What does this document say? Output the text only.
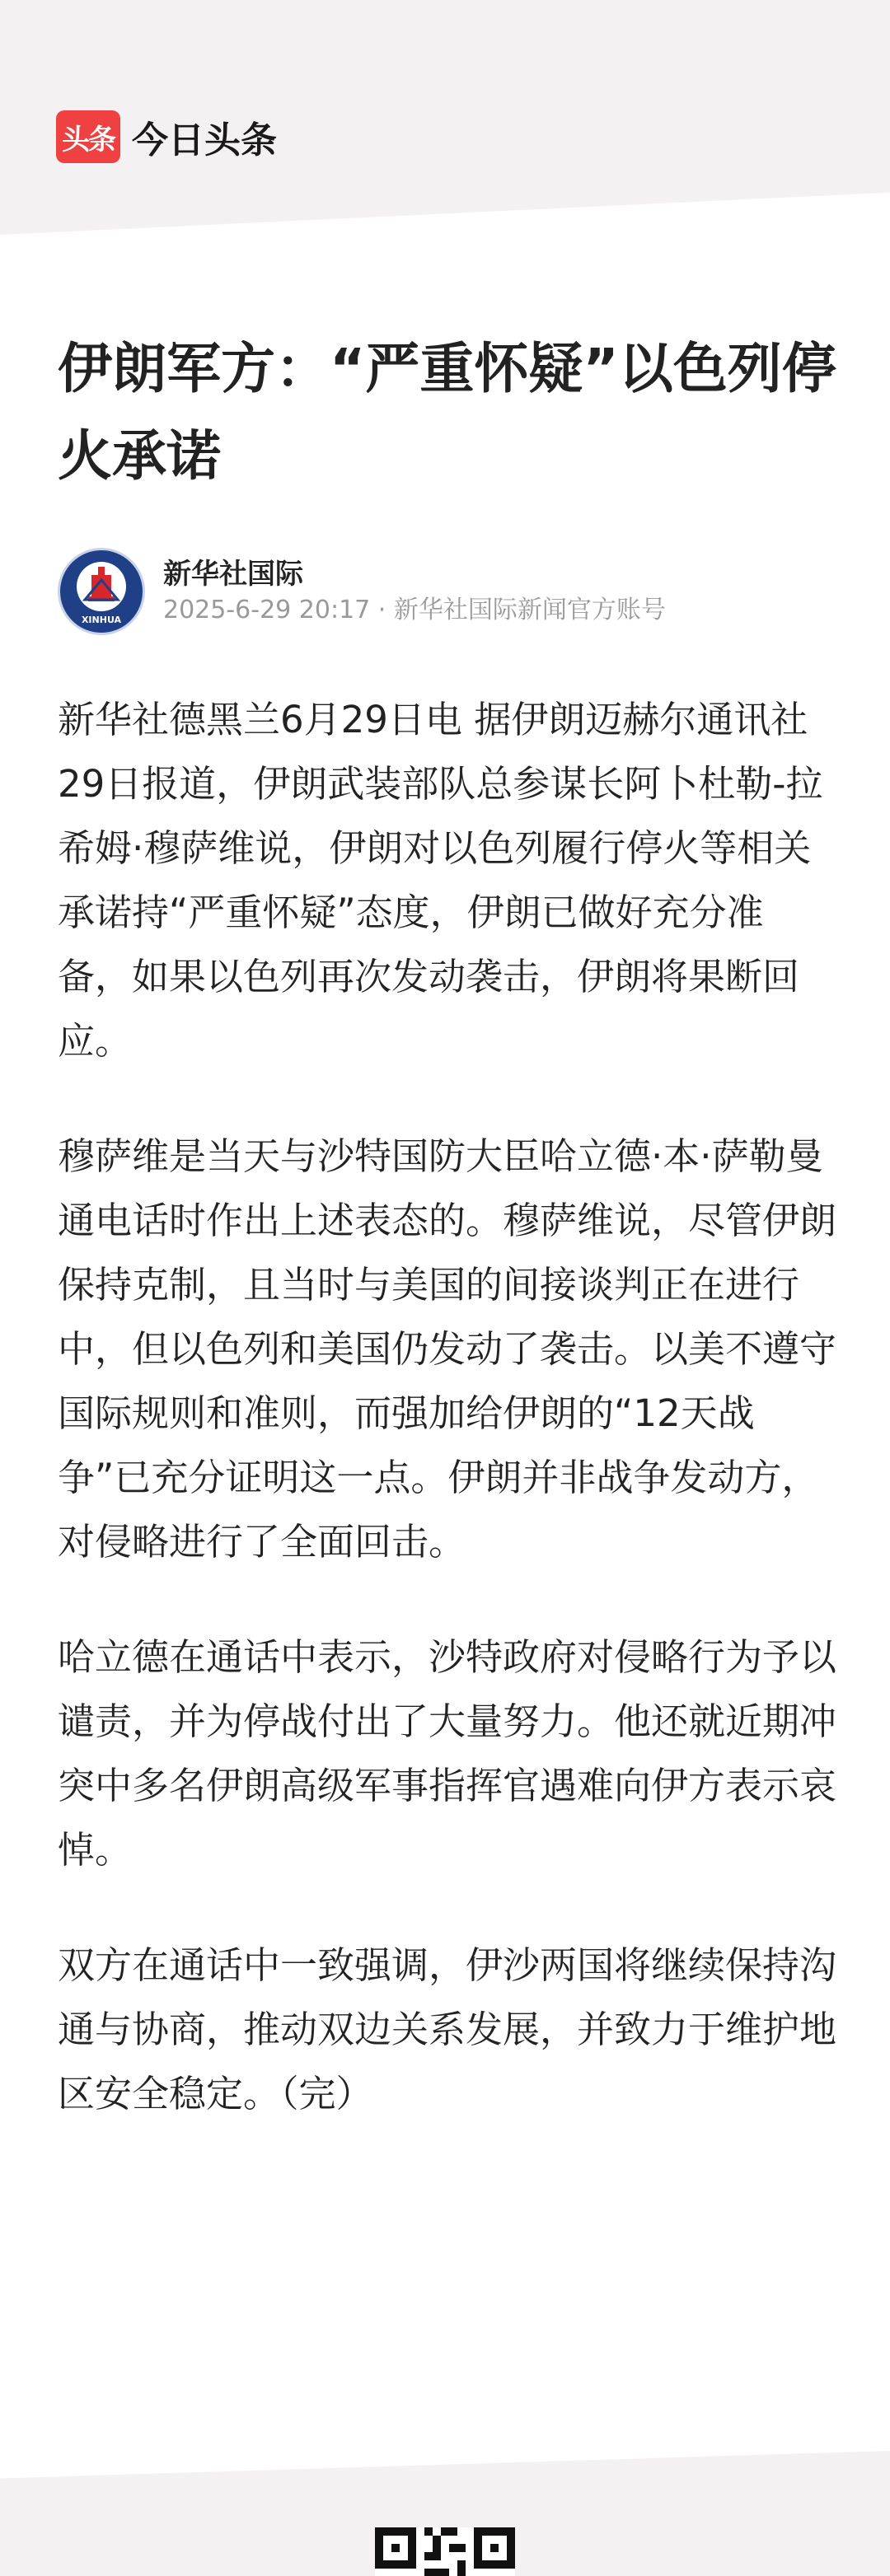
头条 今日头条
伊朗军方：“严重怀疑”以色列停火承诺
XINHUA
新华社国际
2025-6-29 20:17 · 新华社国际新闻官方账号

新华社德黑兰6月29日电 据伊朗迈赫尔通讯社29日报道，伊朗武装部队总参谋长阿卜杜勒-拉希姆·穆萨维说，伊朗对以色列履行停火等相关承诺持“严重怀疑”态度，伊朗已做好充分准备，如果以色列再次发动袭击，伊朗将果断回应。

穆萨维是当天与沙特国防大臣哈立德·本·萨勒曼通电话时作出上述表态的。穆萨维说，尽管伊朗保持克制，且当时与美国的间接谈判正在进行中，但以色列和美国仍发动了袭击。以美不遵守国际规则和准则，而强加给伊朗的“12天战争”已充分证明这一点。伊朗并非战争发动方，对侵略进行了全面回击。

哈立德在通话中表示，沙特政府对侵略行为予以谴责，并为停战付出了大量努力。他还就近期冲突中多名伊朗高级军事指挥官遇难向伊方表示哀悼。

双方在通话中一致强调，伊沙两国将继续保持沟通与协商，推动双边关系发展，并致力于维护地区安全稳定。（完）
